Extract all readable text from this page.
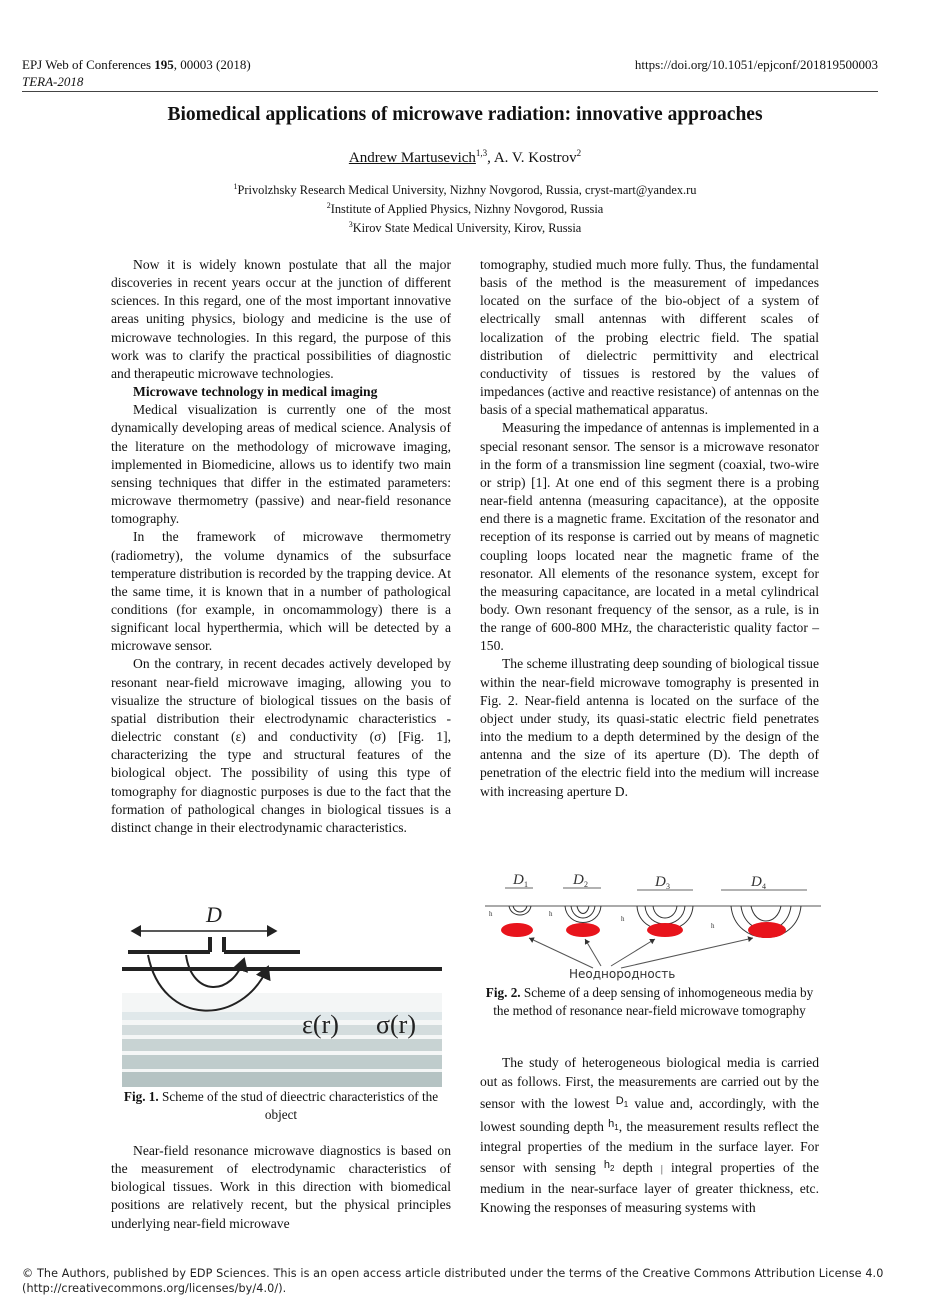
EPJ Web of Conferences 195, 00003 (2018)
TERA-2018
https://doi.org/10.1051/epjconf/201819500003
Biomedical applications of microwave radiation: innovative approaches
Andrew Martusevich$^{1,3}$, A. V. Kostrov$^2$
$^1$Privolzhsky Research Medical University, Nizhny Novgorod, Russia, cryst-mart@yandex.ru
$^2$Institute of Applied Physics, Nizhny Novgorod, Russia
$^3$Kirov State Medical University, Kirov, Russia

Now it is widely known postulate that all the major discoveries in recent years occur at the junction of different sciences. In this regard, one of the most important innovative areas uniting physics, biology and medicine is the use of microwave technologies. In this regard, the purpose of this work was to clarify the practical possibilities of diagnostic and therapeutic microwave technologies.

Microwave technology in medical imaging

Medical visualization is currently one of the most dynamically developing areas of medical science. Analysis of the literature on the methodology of microwave imaging, implemented in Biomedicine, allows us to identify two main sensing techniques that differ in the estimated parameters: microwave thermometry (passive) and near-field resonance tomography.

In the framework of microwave thermometry (radiometry), the volume dynamics of the subsurface temperature distribution is recorded by the trapping device. At the same time, it is known that in a number of pathological conditions (for example, in oncomammology) there is a significant local hyperthermia, which will be detected by a microwave sensor.

On the contrary, in recent decades actively developed by resonant near-field microwave imaging, allowing you to visualize the structure of biological tissues on the basis of spatial distribution their electrodynamic characteristics - dielectric constant (ε) and conductivity (σ) [Fig. 1], characterizing the type and structural features of the biological object. The possibility of using this type of tomography for diagnostic purposes is due to the fact that the formation of pathological changes in biological tissues is a distinct change in their electrodynamic characteristics.

D
ε(r) σ(r)
Fig. 1. Scheme of the stud of dieectric characteristics of the object

Near-field resonance microwave diagnostics is based on the measurement of electrodynamic characteristics of biological tissues. Work in this direction with biomedical positions are relatively recent, but the physical principles underlying near-field microwave

tomography, studied much more fully. Thus, the fundamental basis of the method is the measurement of impedances located on the surface of the bio-object of a system of electrically small antennas with different scales of localization of the probing electric field. The spatial distribution of dielectric permittivity and electrical conductivity of tissues is restored by the values of impedances (active and reactive resistance) of antennas on the basis of a special mathematical apparatus.

Measuring the impedance of antennas is implemented in a special resonant sensor. The sensor is a microwave resonator in the form of a transmission line segment (coaxial, two-wire or strip) [1]. At one end of this segment there is a probing near-field antenna (measuring capacitance), at the opposite end there is a magnetic frame. Excitation of the resonator and reception of its response is carried out by means of magnetic coupling loops located near the magnetic frame of the resonator. All elements of the resonance system, except for the measuring capacitance, are located in a metal cylindrical body. Own resonant frequency of the sensor, as a rule, is in the range of 600-800 MHz, the characteristic quality factor – 150.

The scheme illustrating deep sounding of biological tissue within the near-field microwave tomography is presented in Fig. 2. Near-field antenna is located on the surface of the object under study, its quasi-static electric field penetrates into the medium to a depth determined by the design of the antenna and the size of its aperture (D). The depth of penetration of the electric field into the medium will increase with increasing aperture D.

D 1
h
D 2
h
D 3
h
D 4
h
Неоднородность
Fig. 2. Scheme of a deep sensing of inhomogeneous media by the method of resonance near-field microwave tomography

The study of heterogeneous biological media is carried out as follows. First, the measurements are carried out by the sensor with the lowest $^{D_1}$ value and, accordingly, with the lowest sounding depth $^{h_1}$, the measurement results reflect the integral properties of the medium in the surface layer. For sensor with sensing $^{h_2}$ depth | integral properties of the medium in the near-surface layer of greater thickness, etc. Knowing the responses of measuring systems with

© The Authors, published by EDP Sciences. This is an open access article distributed under the terms of the Creative Commons Attribution License 4.0
(http://creativecommons.org/licenses/by/4.0/).
